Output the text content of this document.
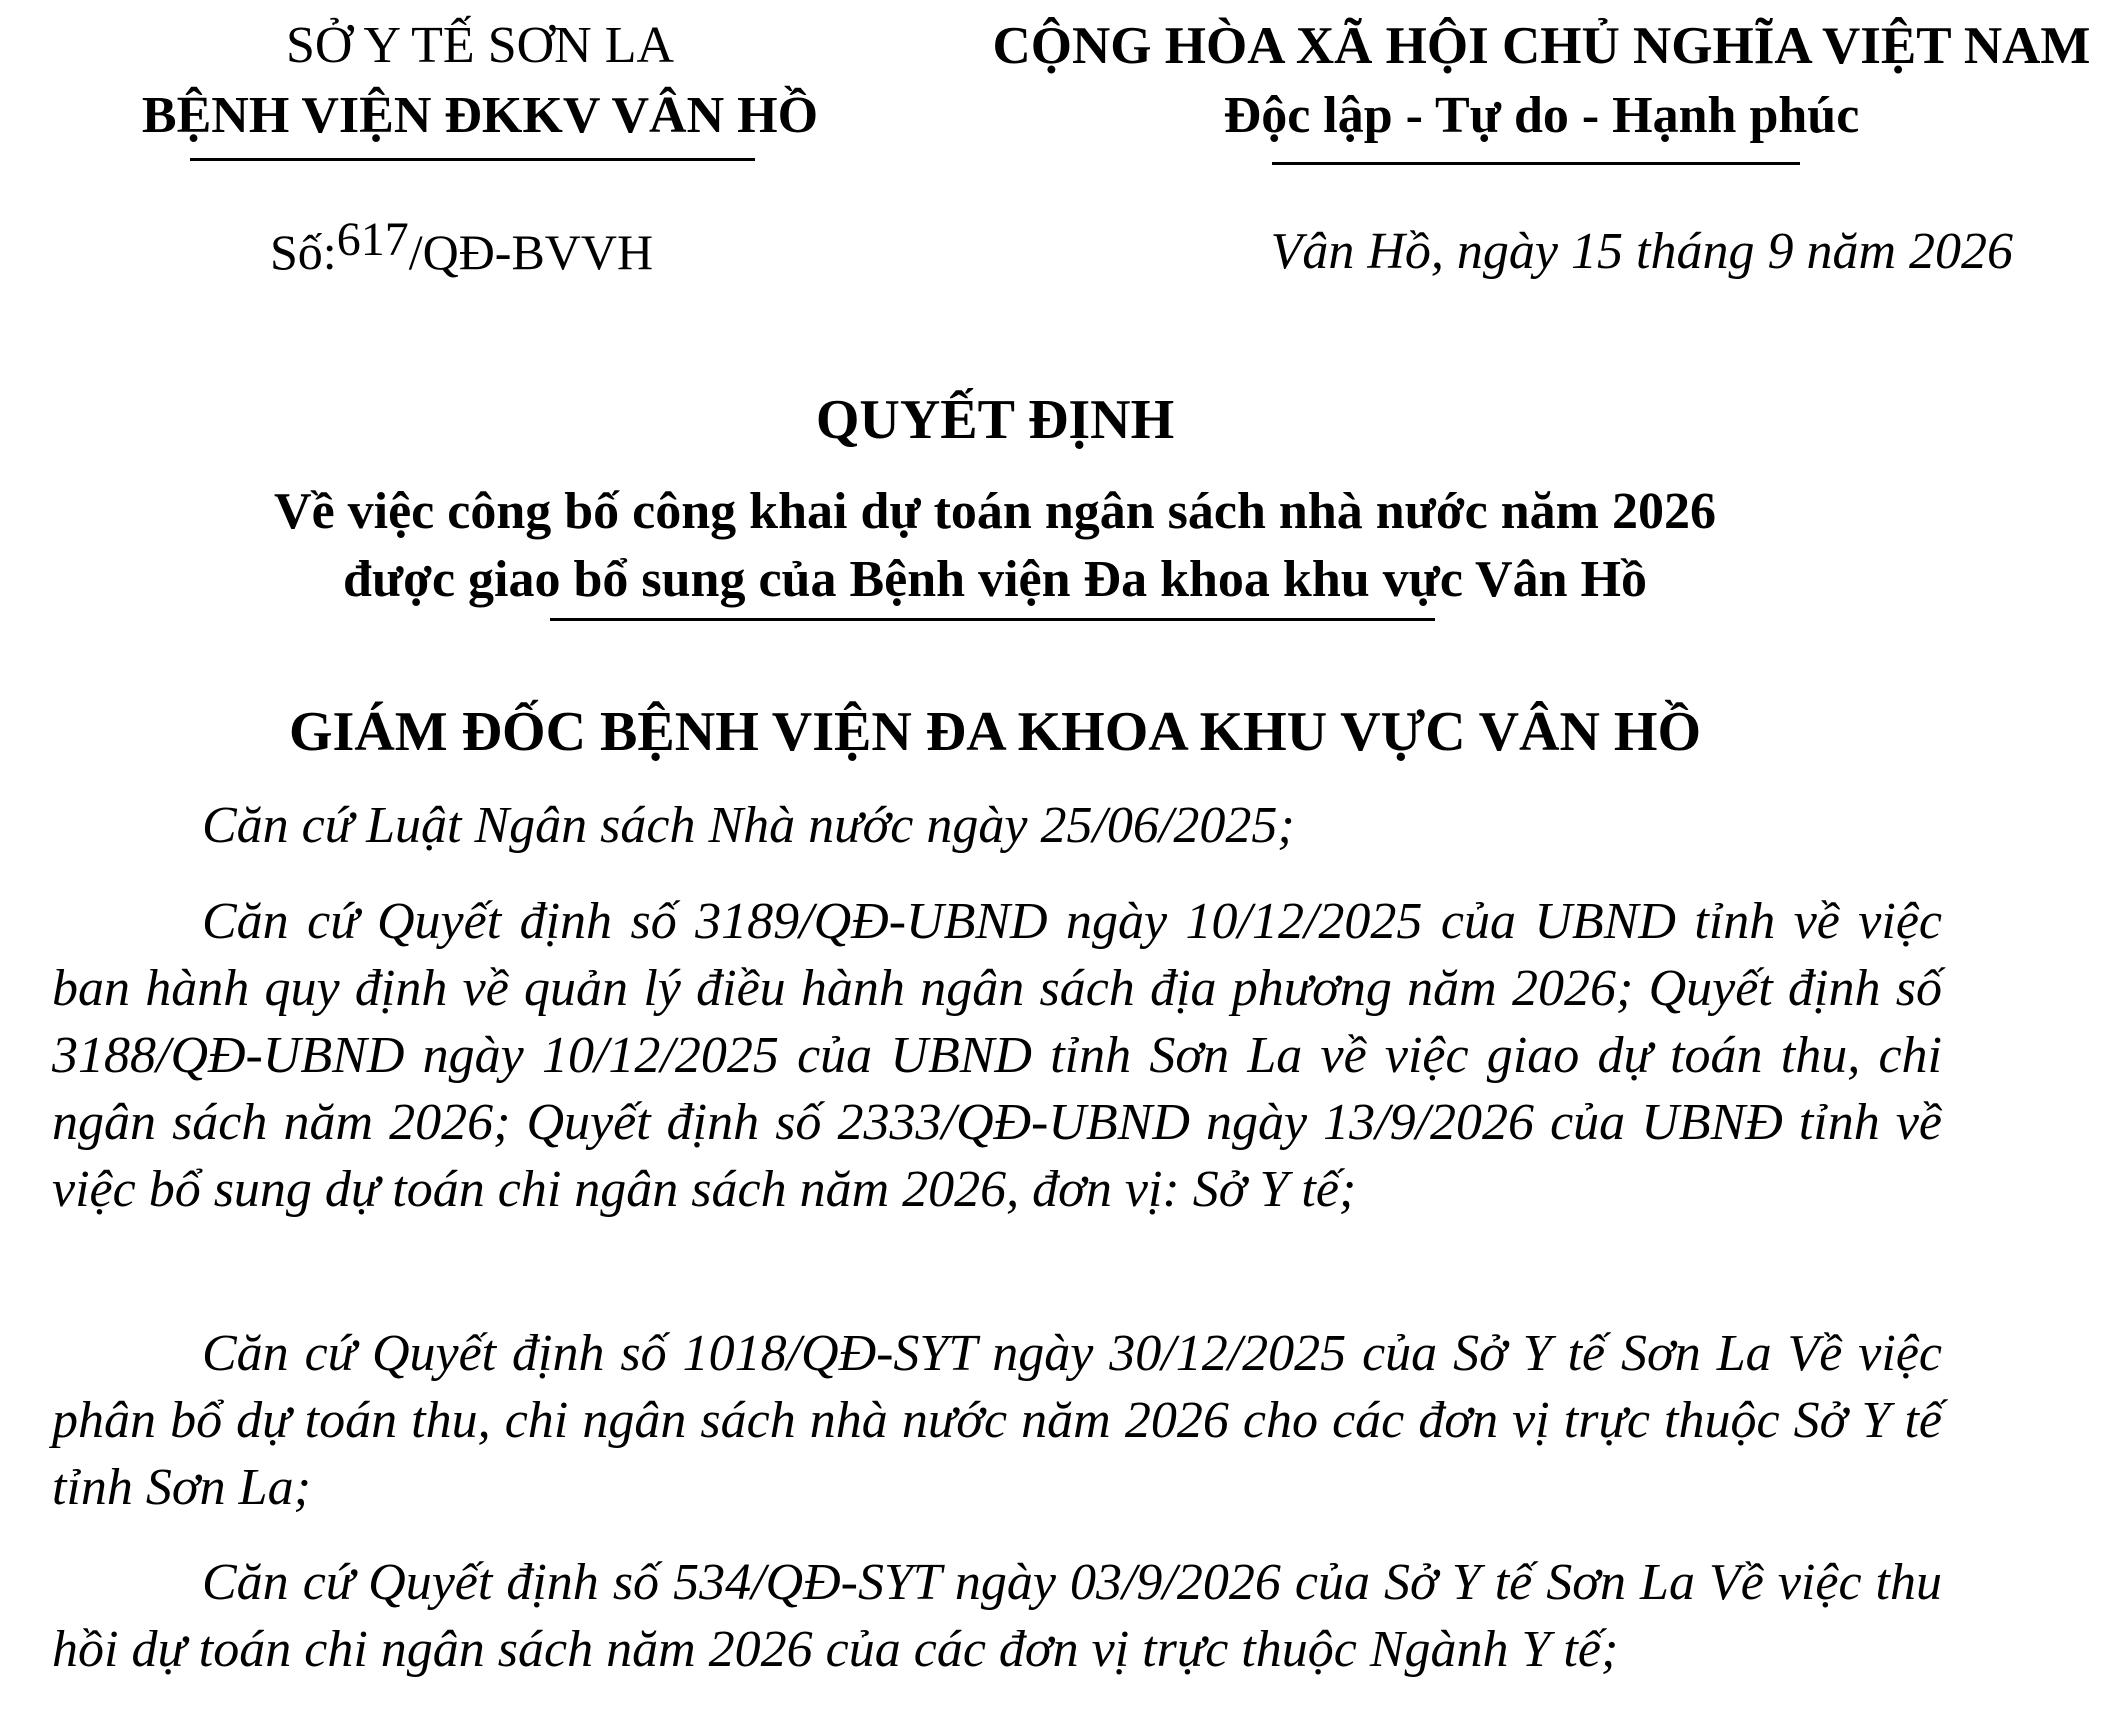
SỞ Y TẾ SƠN LA
BỆNH VIỆN ĐKKV VÂN HỒ
CỘNG HÒA XÃ HỘI CHỦ NGHĨA VIỆT NAM
Độc lập - Tự do - Hạnh phúc
Số:617/QĐ-BVVH	Vân Hồ, ngày 15 tháng 9 năm 2026
QUYẾT ĐỊNH
Về việc công bố công khai dự toán ngân sách nhà nước năm 2026
được giao bổ sung của Bệnh viện Đa khoa khu vực Vân Hồ
GIÁM ĐỐC BỆNH VIỆN ĐA KHOA KHU VỰC VÂN HỒ

Căn cứ Luật Ngân sách Nhà nước ngày 25/06/2025;

Căn cứ Quyết định số 3189/QĐ-UBND ngày 10/12/2025 của UBND tỉnh về việc ban hành quy định về quản lý điều hành ngân sách địa phương năm 2026; Quyết định số 3188/QĐ-UBND ngày 10/12/2025 của UBND tỉnh Sơn La về việc giao dự toán thu, chi ngân sách năm 2026; Quyết định số 2333/QĐ-UBND ngày 13/9/2026 của UBNĐ tỉnh về việc bổ sung dự toán chi ngân sách năm 2026, đơn vị: Sở Y tế;

Căn cứ Quyết định số 1018/QĐ-SYT ngày 30/12/2025 của Sở Y tế Sơn La Về việc phân bổ dự toán thu, chi ngân sách nhà nước năm 2026 cho các đơn vị trực thuộc Sở Y tế tỉnh Sơn La;

Căn cứ Quyết định số 534/QĐ-SYT ngày 03/9/2026 của Sở Y tế Sơn La Về việc thu hồi dự toán chi ngân sách năm 2026 của các đơn vị trực thuộc Ngành Y tế;
